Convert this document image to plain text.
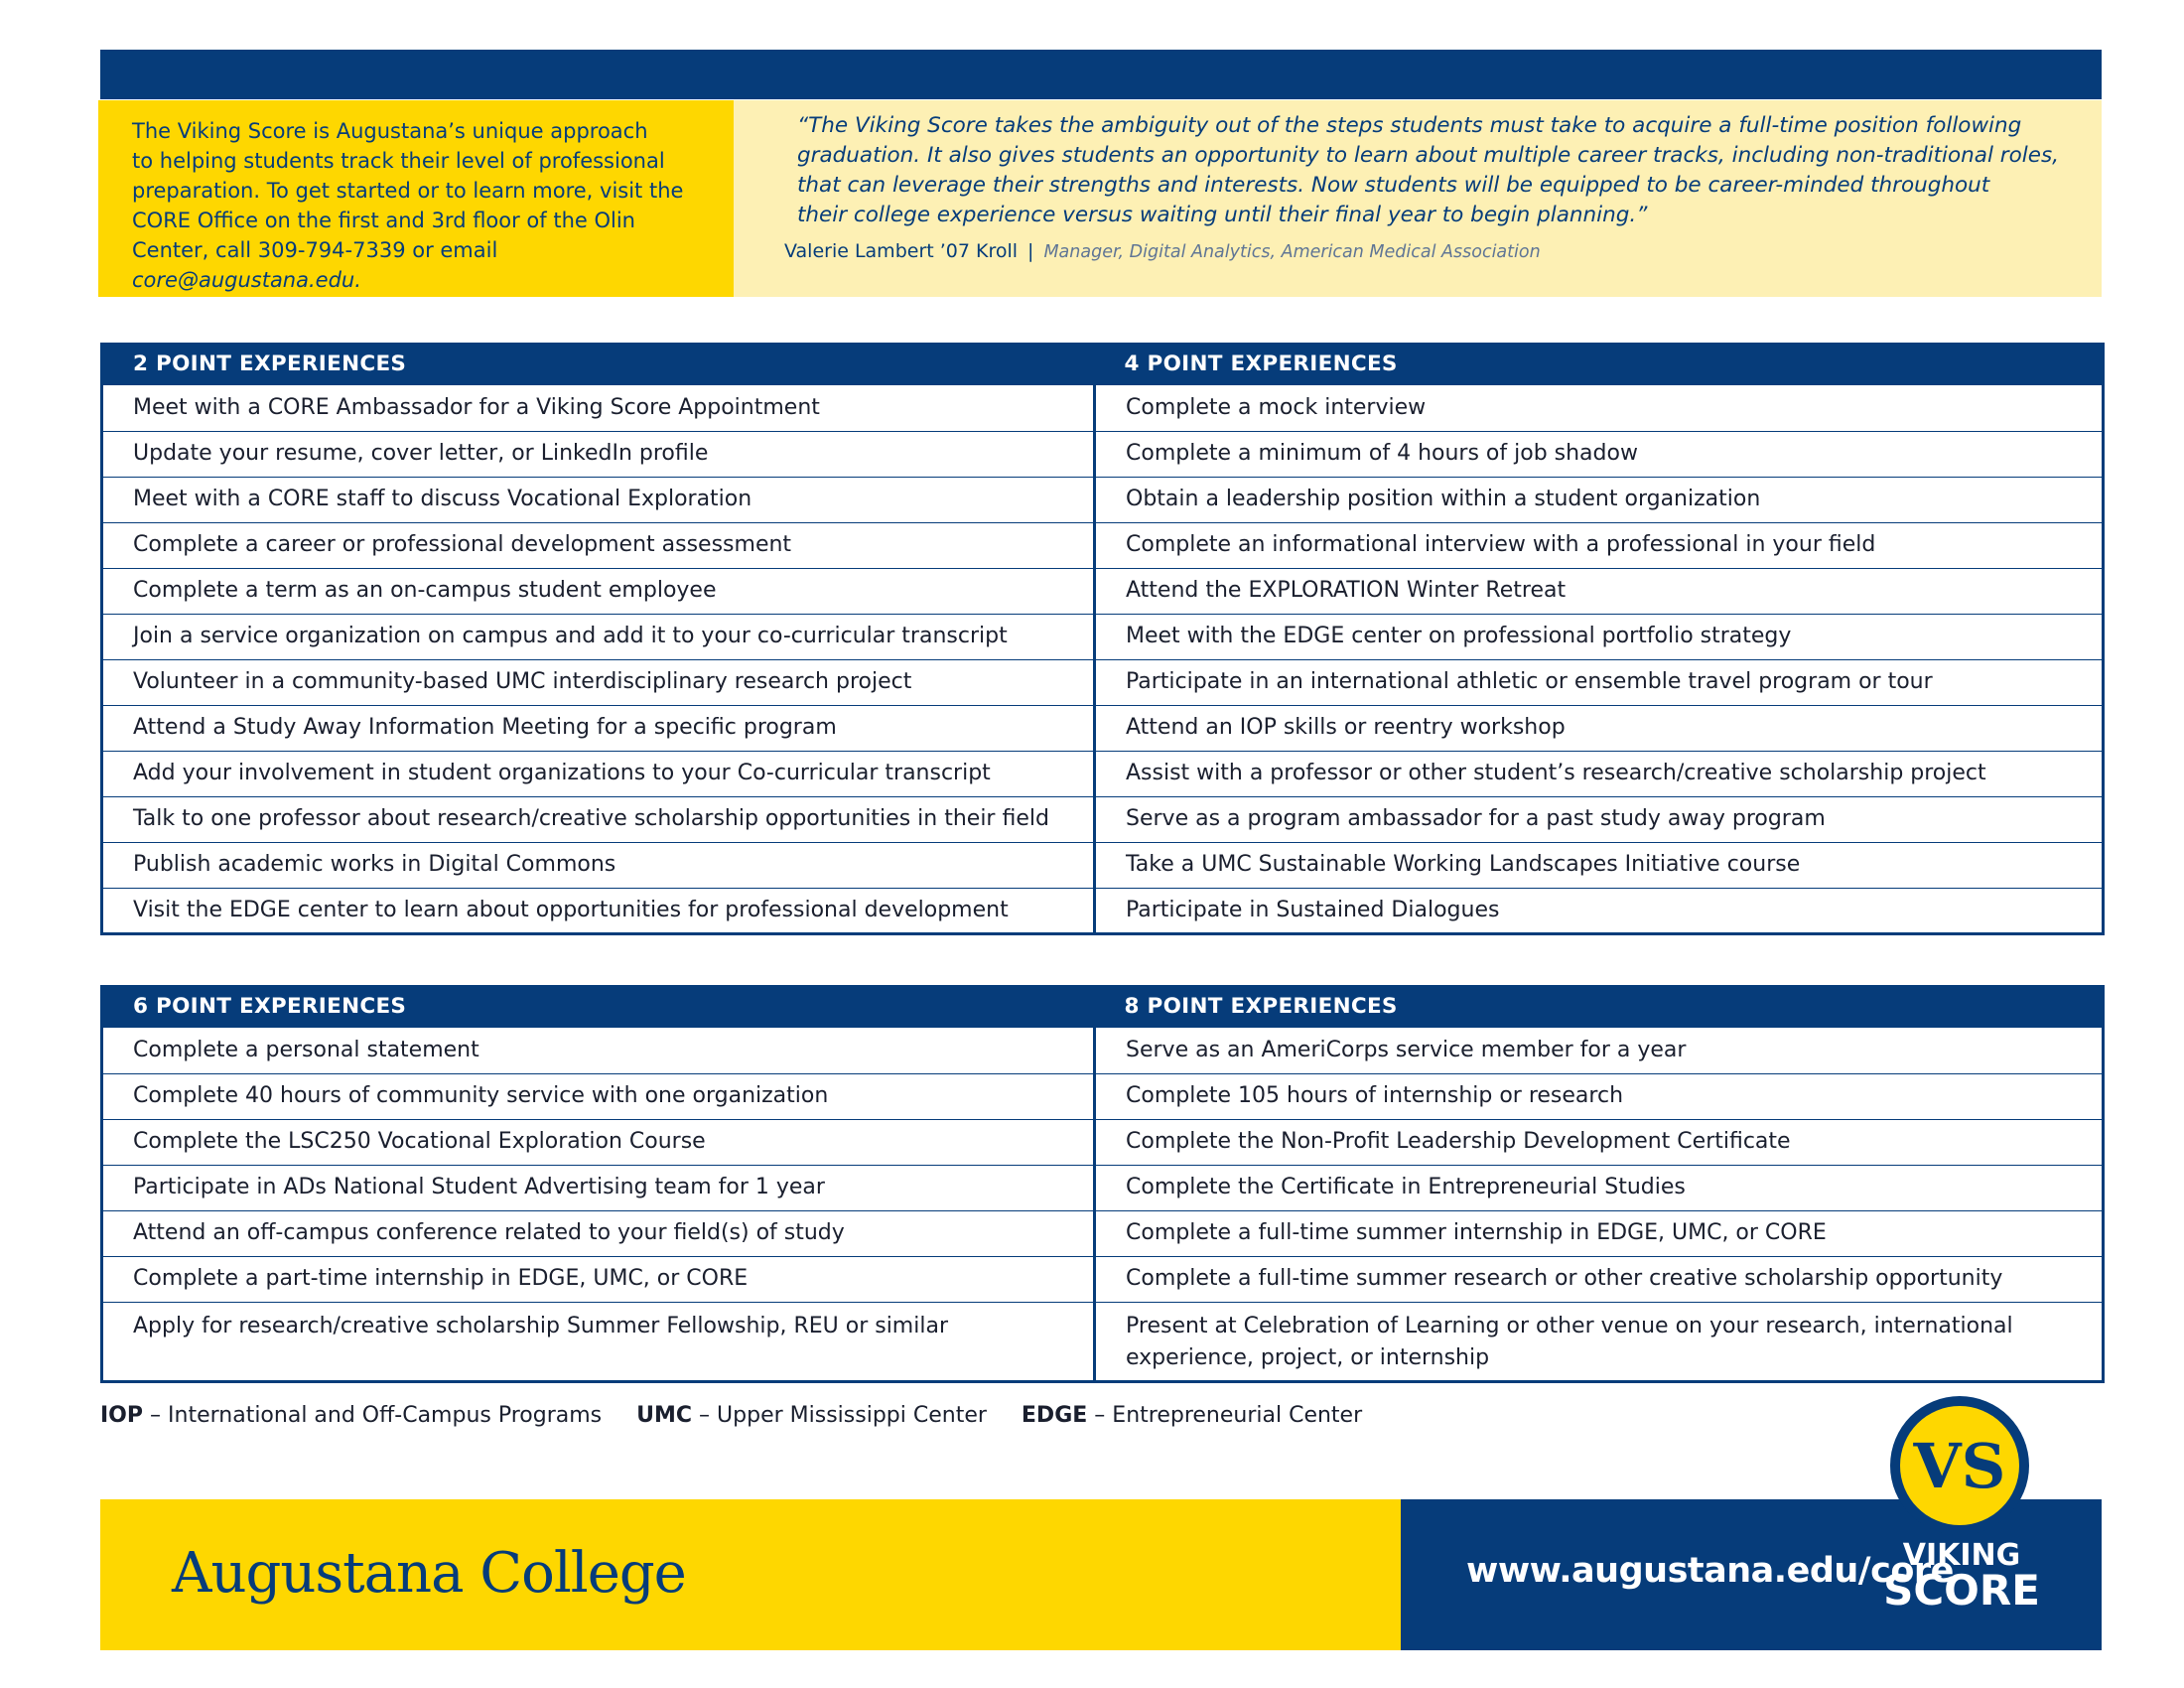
The Viking Score is Augustana’s unique approach
to helping students track their level of professional
preparation. To get started or to learn more, visit the
CORE Office on the first and 3rd floor of the Olin
Center, call 309-794-7339 or email core@augustana.edu.

“The Viking Score takes the ambiguity out of the steps students must take to acquire a full-time position following
graduation. It also gives students an opportunity to learn about multiple career tracks, including non-traditional roles,
that can leverage their strengths and interests. Now students will be equipped to be career-minded throughout
their college experience versus waiting until their final year to begin planning.”

Valerie Lambert ’07 Kroll | Manager, Digital Analytics, American Medical Association
2 POINT EXPERIENCES	4 POINT EXPERIENCES
Meet with a CORE Ambassador for a Viking Score Appointment	Complete a mock interview
Update your resume, cover letter, or LinkedIn profile	Complete a minimum of 4 hours of job shadow
Meet with a CORE staff to discuss Vocational Exploration	Obtain a leadership position within a student organization
Complete a career or professional development assessment	Complete an informational interview with a professional in your field
Complete a term as an on-campus student employee	Attend the EXPLORATION Winter Retreat
Join a service organization on campus and add it to your co-curricular transcript	Meet with the EDGE center on professional portfolio strategy
Volunteer in a community-based UMC interdisciplinary research project	Participate in an international athletic or ensemble travel program or tour
Attend a Study Away Information Meeting for a specific program	Attend an IOP skills or reentry workshop
Add your involvement in student organizations to your Co-curricular transcript	Assist with a professor or other student’s research/creative scholarship project
Talk to one professor about research/creative scholarship opportunities in their field	Serve as a program ambassador for a past study away program
Publish academic works in Digital Commons	Take a UMC Sustainable Working Landscapes Initiative course
Visit the EDGE center to learn about opportunities for professional development	Participate in Sustained Dialogues
6 POINT EXPERIENCES	8 POINT EXPERIENCES
Complete a personal statement	Serve as an AmeriCorps service member for a year
Complete 40 hours of community service with one organization	Complete 105 hours of internship or research
Complete the LSC250 Vocational Exploration Course	Complete the Non-Profit Leadership Development Certificate
Participate in ADs National Student Advertising team for 1 year	Complete the Certificate in Entrepreneurial Studies
Attend an off-campus conference related to your field(s) of study	Complete a full-time summer internship in EDGE, UMC, or CORE
Complete a part-time internship in EDGE, UMC, or CORE	Complete a full-time summer research or other creative scholarship opportunity
Apply for research/creative scholarship Summer Fellowship, REU or similar	Present at Celebration of Learning or other venue on your research, international experience, project, or internship
IOP – International and Off-Campus Programs UMC – Upper Mississippi Center EDGE – Entrepreneurial Center

Augustana College	www.augustana.edu/core

VS
VIKING
SCORE
